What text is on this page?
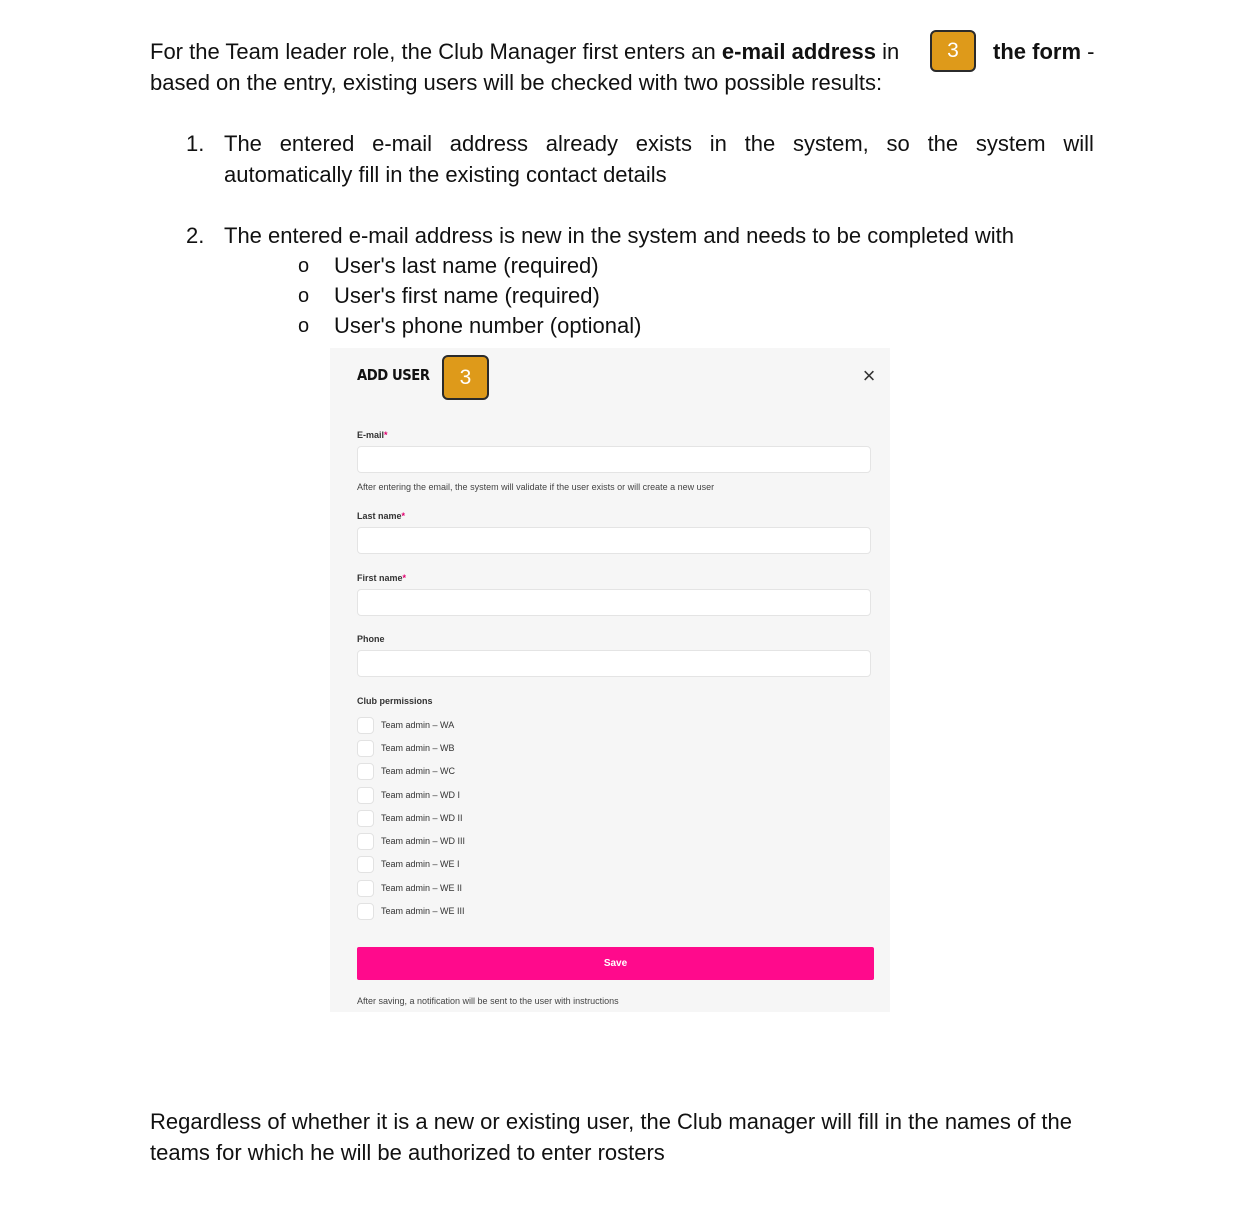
For the Team leader role, the Club Manager first enters an e-mail address in	3	the form -
based on the entry, existing users will be checked with two possible results:
1. The entered e-mail address already exists in the system, so the system will
automatically fill in the existing contact details
2. The entered e-mail address is new in the system and needs to be completed with
o User's last name (required)
o User's first name (required)
o User's phone number (optional)
ADD USER	3	×
E-mail*
After entering the email, the system will validate if the user exists or will create a new user
Last name*
First name*
Phone
Club permissions
Team admin – WA
Team admin – WB
Team admin – WC
Team admin – WD I
Team admin – WD II
Team admin – WD III
Team admin – WE I
Team admin – WE II
Team admin – WE III
Save
After saving, a notification will be sent to the user with instructions
Regardless of whether it is a new or existing user, the Club manager will fill in the names of the teams for which he will be authorized to enter rosters
